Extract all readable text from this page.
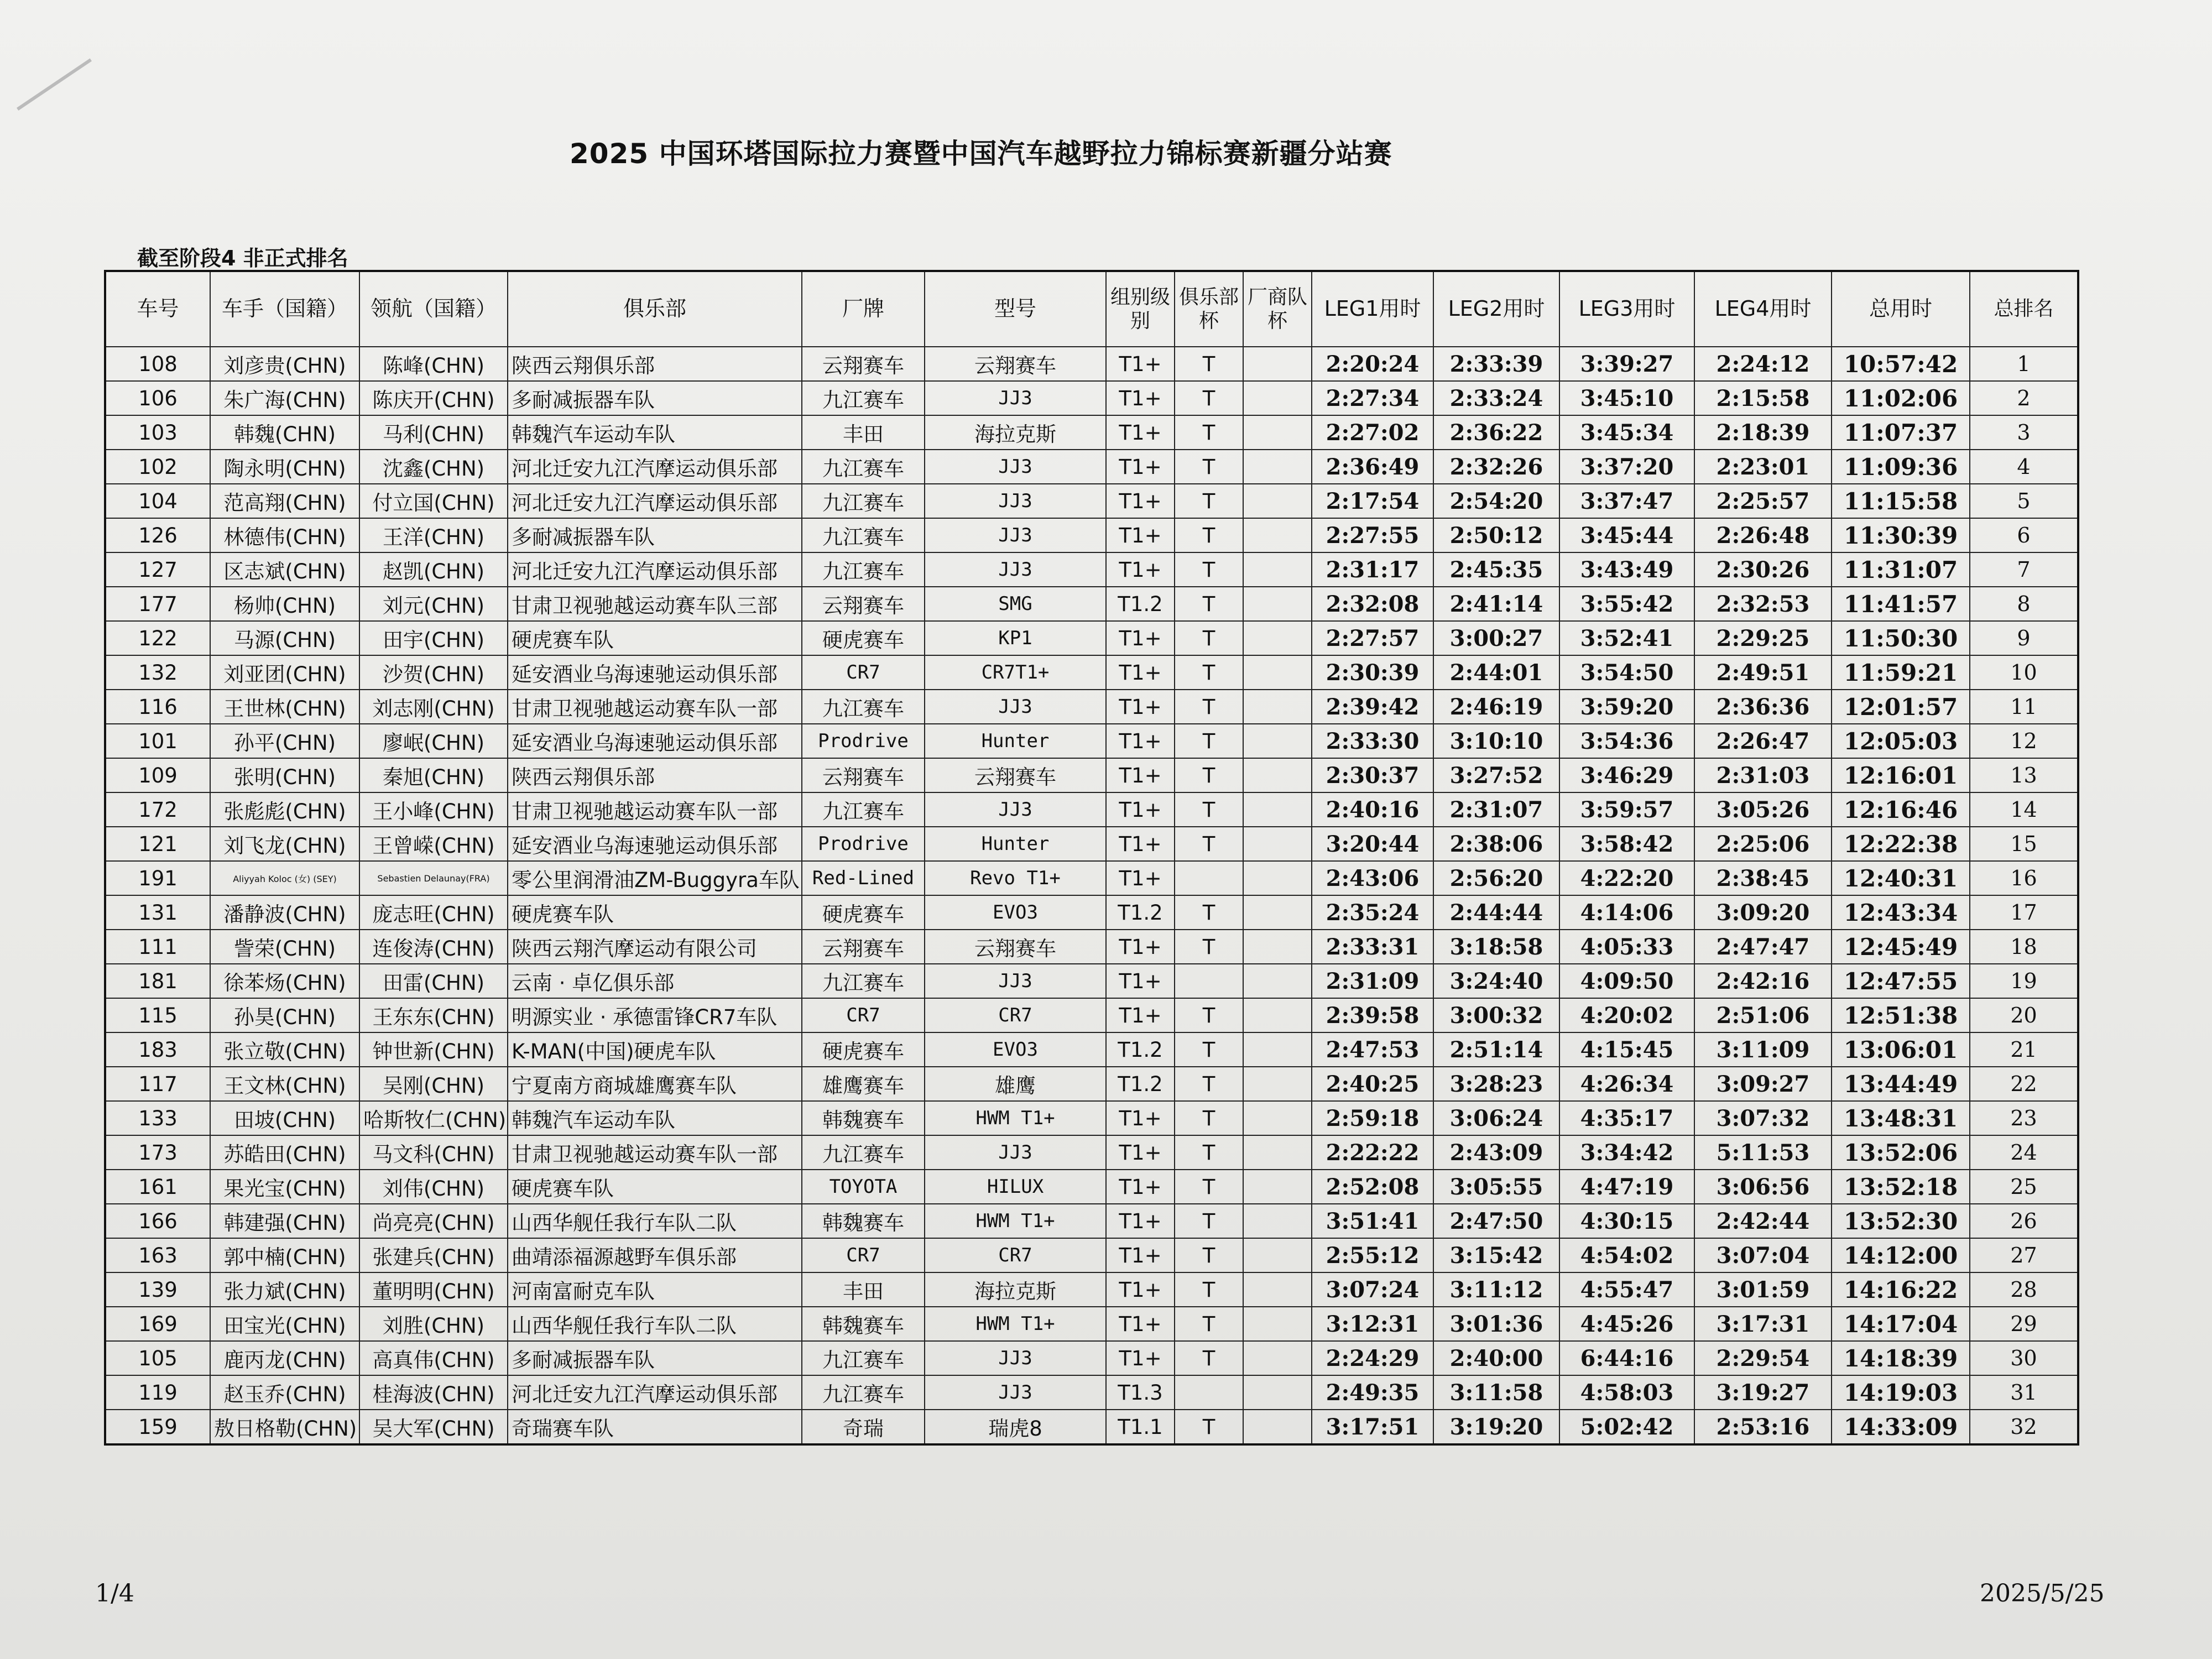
2025 中国环塔国际拉力赛暨中国汽车越野拉力锦标赛新疆分站赛
截至阶段4 非正式排名
车号	车手（国籍）	领航（国籍）	俱乐部	厂牌	型号	组别级别	俱乐部杯	厂商队杯	LEG1用时	LEG2用时	LEG3用时	LEG4用时	总用时	总排名
108	刘彦贵(CHN)	陈峰(CHN)	陕西云翔俱乐部	云翔赛车	云翔赛车	T1+	T		2:20:24	2:33:39	3:39:27	2:24:12	10:57:42	1
106	朱广海(CHN)	陈庆开(CHN)	多耐减振器车队	九江赛车	JJ3	T1+	T		2:27:34	2:33:24	3:45:10	2:15:58	11:02:06	2
103	韩魏(CHN)	马利(CHN)	韩魏汽车运动车队	丰田	海拉克斯	T1+	T		2:27:02	2:36:22	3:45:34	2:18:39	11:07:37	3
102	陶永明(CHN)	沈鑫(CHN)	河北迁安九江汽摩运动俱乐部	九江赛车	JJ3	T1+	T		2:36:49	2:32:26	3:37:20	2:23:01	11:09:36	4
104	范高翔(CHN)	付立国(CHN)	河北迁安九江汽摩运动俱乐部	九江赛车	JJ3	T1+	T		2:17:54	2:54:20	3:37:47	2:25:57	11:15:58	5
126	林德伟(CHN)	王洋(CHN)	多耐减振器车队	九江赛车	JJ3	T1+	T		2:27:55	2:50:12	3:45:44	2:26:48	11:30:39	6
127	区志斌(CHN)	赵凯(CHN)	河北迁安九江汽摩运动俱乐部	九江赛车	JJ3	T1+	T		2:31:17	2:45:35	3:43:49	2:30:26	11:31:07	7
177	杨帅(CHN)	刘元(CHN)	甘肃卫视驰越运动赛车队三部	云翔赛车	SMG	T1.2	T		2:32:08	2:41:14	3:55:42	2:32:53	11:41:57	8
122	马源(CHN)	田宇(CHN)	硬虎赛车队	硬虎赛车	KP1	T1+	T		2:27:57	3:00:27	3:52:41	2:29:25	11:50:30	9
132	刘亚团(CHN)	沙贺(CHN)	延安酒业乌海速驰运动俱乐部	CR7	CR7T1+	T1+	T		2:30:39	2:44:01	3:54:50	2:49:51	11:59:21	10
116	王世林(CHN)	刘志刚(CHN)	甘肃卫视驰越运动赛车队一部	九江赛车	JJ3	T1+	T		2:39:42	2:46:19	3:59:20	2:36:36	12:01:57	11
101	孙平(CHN)	廖岷(CHN)	延安酒业乌海速驰运动俱乐部	Prodrive	Hunter	T1+	T		2:33:30	3:10:10	3:54:36	2:26:47	12:05:03	12
109	张明(CHN)	秦旭(CHN)	陕西云翔俱乐部	云翔赛车	云翔赛车	T1+	T		2:30:37	3:27:52	3:46:29	2:31:03	12:16:01	13
172	张彪彪(CHN)	王小峰(CHN)	甘肃卫视驰越运动赛车队一部	九江赛车	JJ3	T1+	T		2:40:16	2:31:07	3:59:57	3:05:26	12:16:46	14
121	刘飞龙(CHN)	王曾嵘(CHN)	延安酒业乌海速驰运动俱乐部	Prodrive	Hunter	T1+	T		3:20:44	2:38:06	3:58:42	2:25:06	12:22:38	15
191	Aliyyah Koloc (女) (SEY)	Sebastien Delaunay(FRA)	零公里润滑油ZM-Buggyra车队	Red-Lined	Revo T1+	T1+			2:43:06	2:56:20	4:22:20	2:38:45	12:40:31	16
131	潘静波(CHN)	庞志旺(CHN)	硬虎赛车队	硬虎赛车	EVO3	T1.2	T		2:35:24	2:44:44	4:14:06	3:09:20	12:43:34	17
111	訾荣(CHN)	连俊涛(CHN)	陕西云翔汽摩运动有限公司	云翔赛车	云翔赛车	T1+	T		2:33:31	3:18:58	4:05:33	2:47:47	12:45:49	18
181	徐苯炀(CHN)	田雷(CHN)	云南 · 卓亿俱乐部	九江赛车	JJ3	T1+			2:31:09	3:24:40	4:09:50	2:42:16	12:47:55	19
115	孙昊(CHN)	王东东(CHN)	明源实业 · 承德雷锋CR7车队	CR7	CR7	T1+	T		2:39:58	3:00:32	4:20:02	2:51:06	12:51:38	20
183	张立敬(CHN)	钟世新(CHN)	K-MAN(中国)硬虎车队	硬虎赛车	EVO3	T1.2	T		2:47:53	2:51:14	4:15:45	3:11:09	13:06:01	21
117	王文林(CHN)	吴刚(CHN)	宁夏南方商城雄鹰赛车队	雄鹰赛车	雄鹰	T1.2	T		2:40:25	3:28:23	4:26:34	3:09:27	13:44:49	22
133	田坡(CHN)	哈斯牧仁(CHN)	韩魏汽车运动车队	韩魏赛车	HWM T1+	T1+	T		2:59:18	3:06:24	4:35:17	3:07:32	13:48:31	23
173	苏皓田(CHN)	马文科(CHN)	甘肃卫视驰越运动赛车队一部	九江赛车	JJ3	T1+	T		2:22:22	2:43:09	3:34:42	5:11:53	13:52:06	24
161	果光宝(CHN)	刘伟(CHN)	硬虎赛车队	TOYOTA	HILUX	T1+	T		2:52:08	3:05:55	4:47:19	3:06:56	13:52:18	25
166	韩建强(CHN)	尚亮亮(CHN)	山西华舰任我行车队二队	韩魏赛车	HWM T1+	T1+	T		3:51:41	2:47:50	4:30:15	2:42:44	13:52:30	26
163	郭中楠(CHN)	张建兵(CHN)	曲靖添福源越野车俱乐部	CR7	CR7	T1+	T		2:55:12	3:15:42	4:54:02	3:07:04	14:12:00	27
139	张力斌(CHN)	董明明(CHN)	河南富耐克车队	丰田	海拉克斯	T1+	T		3:07:24	3:11:12	4:55:47	3:01:59	14:16:22	28
169	田宝光(CHN)	刘胜(CHN)	山西华舰任我行车队二队	韩魏赛车	HWM T1+	T1+	T		3:12:31	3:01:36	4:45:26	3:17:31	14:17:04	29
105	鹿丙龙(CHN)	高真伟(CHN)	多耐减振器车队	九江赛车	JJ3	T1+	T		2:24:29	2:40:00	6:44:16	2:29:54	14:18:39	30
119	赵玉乔(CHN)	桂海波(CHN)	河北迁安九江汽摩运动俱乐部	九江赛车	JJ3	T1.3			2:49:35	3:11:58	4:58:03	3:19:27	14:19:03	31
159	敖日格勒(CHN)	吴大军(CHN)	奇瑞赛车队	奇瑞	瑞虎8	T1.1	T		3:17:51	3:19:20	5:02:42	2:53:16	14:33:09	32
1/4	2025/5/25
